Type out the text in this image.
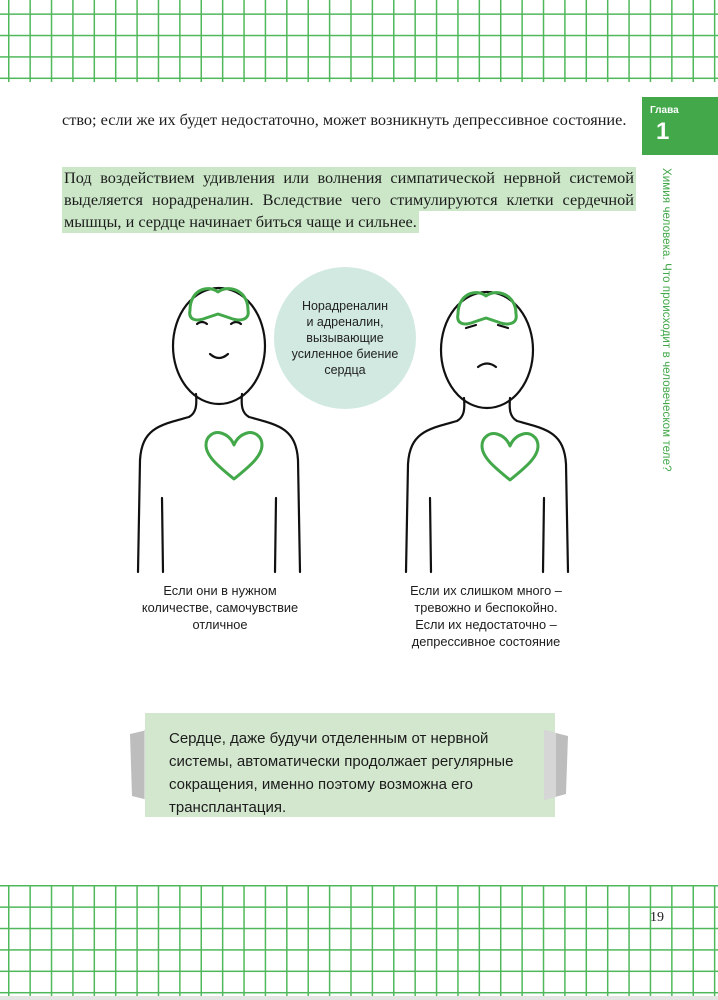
Глава
1
Химия человека. Что происходит в человеческом теле?
ство; если же их будет недостаточно, может возникнуть депрессивное состояние.
Под воздействием удивления или волнения симпатической нервной системой выделяется норадреналин. Вследствие чего стимулируются клетки сердечной мышцы, и сердце начинает биться чаще и сильнее.
Норадреналин
и адреналин,
вызывающие
усиленное биение
сердца
Если они в нужном
количестве, самочувствие
отличное
Если их слишком много –
тревожно и беспокойно.
Если их недостаточно –
депрессивное состояние
Сердце, даже будучи отделенным от нервной системы, автоматически продолжает регулярные сокращения, именно поэтому возможна его трансплантация.
19
